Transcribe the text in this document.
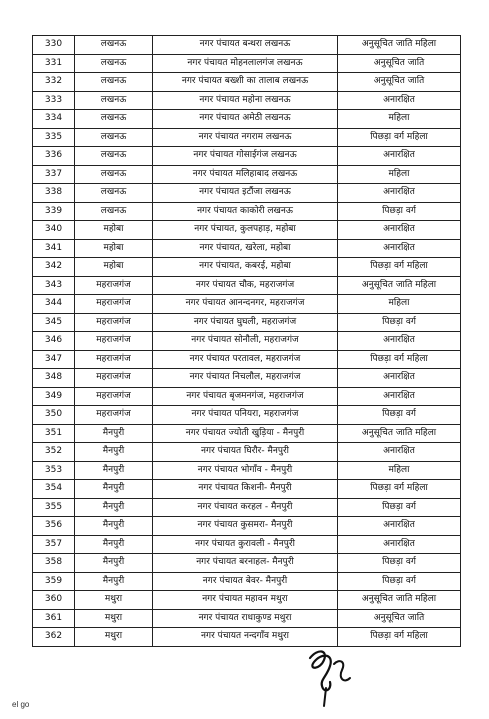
330	लखनऊ	नगर पंचायत बन्थरा लखनऊ	अनुसूचित जाति महिला
331	लखनऊ	नगर पंचायत मोहनलालगंज लखनऊ	अनुसूचित जाति
332	लखनऊ	नगर पंचायत बख्शी का तालाब लखनऊ	अनुसूचित जाति
333	लखनऊ	नगर पंचायत महोना लखनऊ	अनारक्षित
334	लखनऊ	नगर पंचायत अमेठी लखनऊ	महिला
335	लखनऊ	नगर पंचायत नगराम लखनऊ	पिछड़ा वर्ग महिला
336	लखनऊ	नगर पंचायत गोसाईगंज लखनऊ	अनारक्षित
337	लखनऊ	नगर पंचायत मलिहाबाद लखनऊ	महिला
338	लखनऊ	नगर पंचायत इटौंजा लखनऊ	अनारक्षित
339	लखनऊ	नगर पंचायत काकोरी लखनऊ	पिछड़ा वर्ग
340	महोबा	नगर पंचायत, कुलपहाड़, महोबा	अनारक्षित
341	महोबा	नगर पंचायत, खरेला, महोबा	अनारक्षित
342	महोबा	नगर पंचायत, कबरई, महोबा	पिछड़ा वर्ग महिला
343	महराजगंज	नगर पंचायत चौक, महराजगंज	अनुसूचित जाति महिला
344	महराजगंज	नगर पंचायत आनन्दनगर, महराजगंज	महिला
345	महराजगंज	नगर पंचायत घुघली, महराजगंज	पिछड़ा वर्ग
346	महराजगंज	नगर पंचायत सोनौली, महराजगंज	अनारक्षित
347	महराजगंज	नगर पंचायत परतावल, महराजगंज	पिछड़ा वर्ग महिला
348	महराजगंज	नगर पंचायत निचलौल, महराजगंज	अनारक्षित
349	महराजगंज	नगर पंचायत बृजमनगंज, महराजगंज	अनारक्षित
350	महराजगंज	नगर पंचायत पनियरा, महराजगंज	पिछड़ा वर्ग
351	मैनपुरी	नगर पंचायत ज्योती खुड़िया - मैनपुरी	अनुसूचित जाति महिला
352	मैनपुरी	नगर पंचायत घिरौर- मैनपुरी	अनारक्षित
353	मैनपुरी	नगर पंचायत भोगाँव - मैनपुरी	महिला
354	मैनपुरी	नगर पंचायत किशनी- मैनपुरी	पिछड़ा वर्ग महिला
355	मैनपुरी	नगर पंचायत करहल - मैनपुरी	पिछड़ा वर्ग
356	मैनपुरी	नगर पंचायत कुसमरा- मैनपुरी	अनारक्षित
357	मैनपुरी	नगर पंचायत कुरावली - मैनपुरी	अनारक्षित
358	मैनपुरी	नगर पंचायत बरनाहल- मैनपुरी	पिछड़ा वर्ग
359	मैनपुरी	नगर पंचायत बेवर- मैनपुरी	पिछड़ा वर्ग
360	मथुरा	नगर पंचायत महावन मथुरा	अनुसूचित जाति महिला
361	मथुरा	नगर पंचायत राधाकुण्ड मथुरा	अनुसूचित जाति
362	मथुरा	नगर पंचायत नन्दगाँव मथुरा	पिछड़ा वर्ग महिला
el go
